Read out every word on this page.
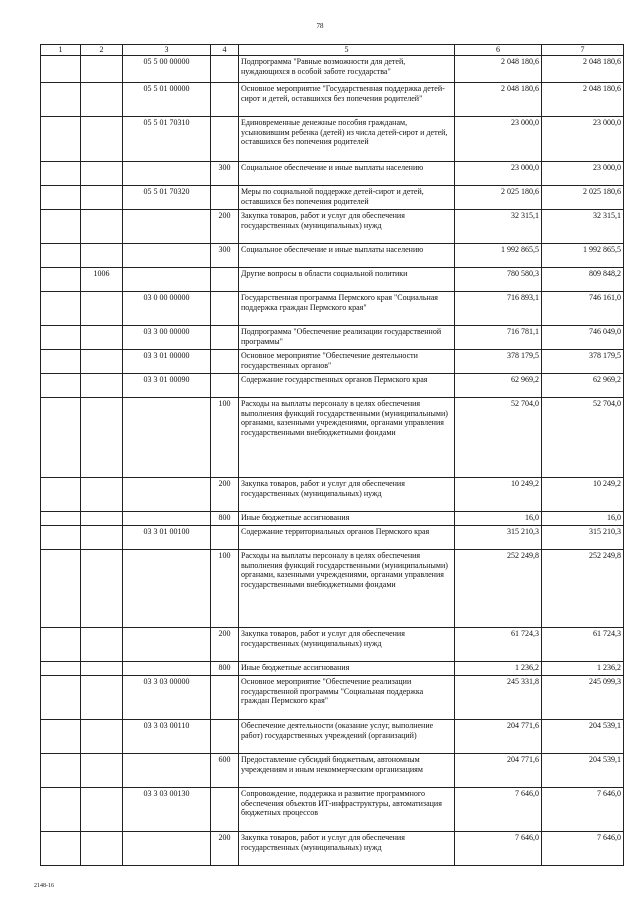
78
1	2	3	4	5	6	7
		05 5 00 00000		Подпрограмма "Равные возможности для детей, нуждающихся в особой заботе государства"	2 048 180,6	2 048 180,6
		05 5 01 00000		Основное мероприятие "Государственная поддержка детей-сирот и детей, оставшихся без попечения родителей"	2 048 180,6	2 048 180,6
		05 5 01 70310		Единовременные денежные пособия гражданам, усыновившим ребенка (детей) из числа детей-сирот и детей, оставшихся без попечения родителей	23 000,0	23 000,0
			300	Социальное обеспечение и иные выплаты населению	23 000,0	23 000,0
		05 5 01 70320		Меры по социальной поддержке детей-сирот и детей, оставшихся без попечения родителей	2 025 180,6	2 025 180,6
			200	Закупка товаров, работ и услуг для обеспечения государственных (муниципальных) нужд	32 315,1	32 315,1
			300	Социальное обеспечение и иные выплаты населению	1 992 865,5	1 992 865,5
	1006			Другие вопросы в области социальной политики	780 580,3	809 848,2
		03 0 00 00000		Государственная программа Пермского края "Социальная поддержка граждан Пермского края"	716 893,1	746 161,0
		03 3 00 00000		Подпрограмма "Обеспечение реализации государственной программы"	716 781,1	746 049,0
		03 3 01 00000		Основное мероприятие "Обеспечение деятельности государственных органов"	378 179,5	378 179,5
		03 3 01 00090		Содержание государственных органов Пермского края	62 969,2	62 969,2
			100	Расходы на выплаты персоналу в целях обеспечения выполнения функций государственными (муниципальными) органами, казенными учреждениями, органами управления государственными внебюджетными фондами	52 704,0	52 704,0
			200	Закупка товаров, работ и услуг для обеспечения государственных (муниципальных) нужд	10 249,2	10 249,2
			800	Иные бюджетные ассигнования	16,0	16,0
		03 3 01 00100		Содержание территориальных органов Пермского края	315 210,3	315 210,3
			100	Расходы на выплаты персоналу в целях обеспечения выполнения функций государственными (муниципальными) органами, казенными учреждениями, органами управления государственными внебюджетными фондами	252 249,8	252 249,8
			200	Закупка товаров, работ и услуг для обеспечения государственных (муниципальных) нужд	61 724,3	61 724,3
			800	Иные бюджетные ассигнования	1 236,2	1 236,2
		03 3 03 00000		Основное мероприятие "Обеспечение реализации государственной программы "Социальная поддержка граждан Пермского края"	245 331,8	245 099,3
		03 3 03 00110		Обеспечение деятельности (оказание услуг, выполнение работ) государственных учреждений (организаций)	204 771,6	204 539,1
			600	Предоставление субсидий бюджетным, автономным учреждениям и иным некоммерческим организациям	204 771,6	204 539,1
		03 3 03 00130		Сопровождение, поддержка и развитие программного обеспечения объектов ИТ-инфраструктуры, автоматизация бюджетных процессов	7 646,0	7 646,0
			200	Закупка товаров, работ и услуг для обеспечения государственных (муниципальных) нужд	7 646,0	7 646,0
2148-16
